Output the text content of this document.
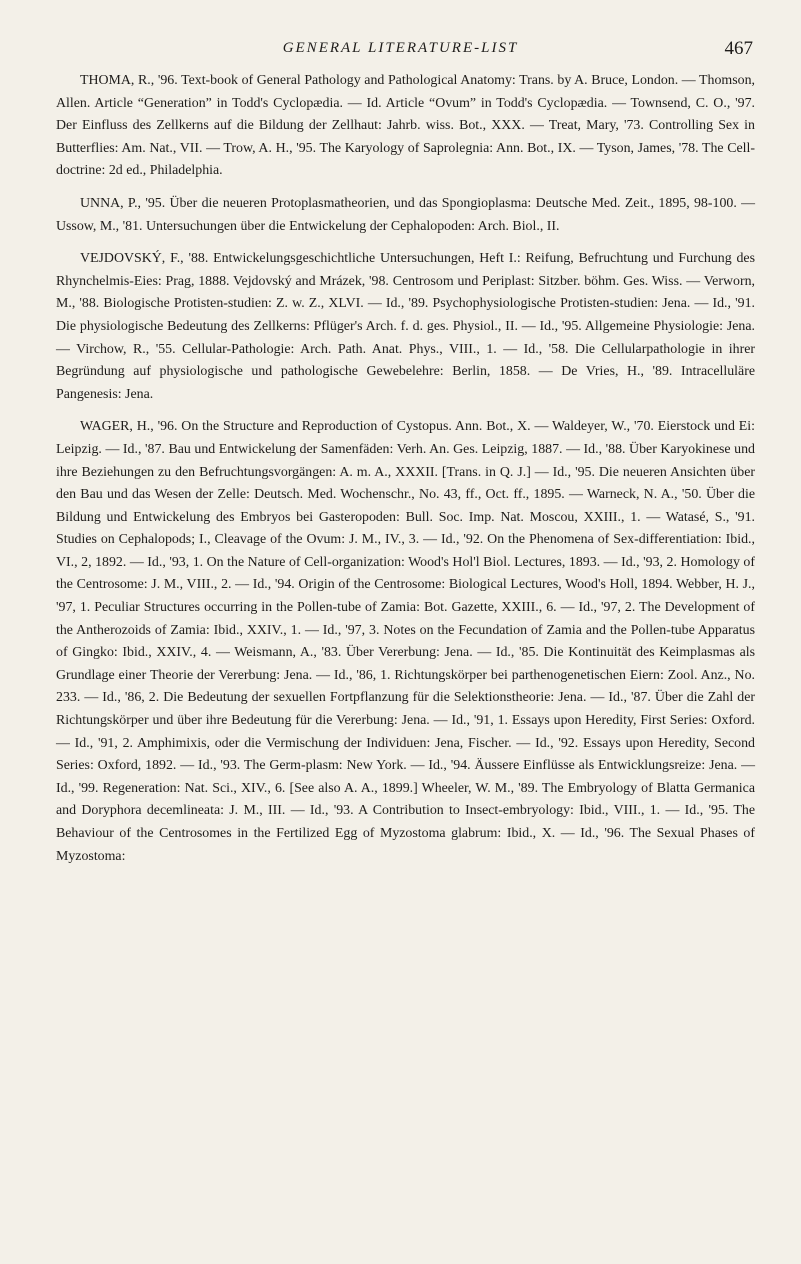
GENERAL LITERATURE-LIST	467

THOMA, R., '96. Text-book of General Pathology and Pathological Anatomy: Trans. by A. Bruce, London. — Thomson, Allen. Article “Generation” in Todd's Cyclopædia. — Id. Article “Ovum” in Todd's Cyclopædia. — Townsend, C. O., '97. Der Einfluss des Zellkerns auf die Bildung der Zellhaut: Jahrb. wiss. Bot., XXX. — Treat, Mary, '73. Controlling Sex in Butterflies: Am. Nat., VII. — Trow, A. H., '95. The Karyology of Saprolegnia: Ann. Bot., IX. — Tyson, James, '78. The Cell-doctrine: 2d ed., Philadelphia.

UNNA, P., '95. Über die neueren Protoplasmatheorien, und das Spongioplasma: Deutsche Med. Zeit., 1895, 98-100. — Ussow, M., '81. Untersuchungen über die Entwickelung der Cephalopoden: Arch. Biol., II.

VEJDOVSKÝ, F., '88. Entwickelungsgeschichtliche Untersuchungen, Heft I.: Reifung, Befruchtung und Furchung des Rhynchelmis-Eies: Prag, 1888. Vejdovský and Mrázek, '98. Centrosom und Periplast: Sitzber. böhm. Ges. Wiss. — Verworn, M., '88. Biologische Protisten-studien: Z. w. Z., XLVI. — Id., '89. Psychophysiologische Protisten-studien: Jena. — Id., '91. Die physiologische Bedeutung des Zellkerns: Pflüger's Arch. f. d. ges. Physiol., II. — Id., '95. Allgemeine Physiologie: Jena. — Virchow, R., '55. Cellular-Pathologie: Arch. Path. Anat. Phys., VIII., 1. — Id., '58. Die Cellularpathologie in ihrer Begründung auf physiologische und pathologische Gewebelehre: Berlin, 1858. — De Vries, H., '89. Intracelluläre Pangenesis: Jena.

WAGER, H., '96. On the Structure and Reproduction of Cystopus. Ann. Bot., X. — Waldeyer, W., '70. Eierstock und Ei: Leipzig. — Id., '87. Bau und Entwickelung der Samenfäden: Verh. An. Ges. Leipzig, 1887. — Id., '88. Über Karyokinese und ihre Beziehungen zu den Befruchtungsvorgängen: A. m. A., XXXII. [Trans. in Q. J.] — Id., '95. Die neueren Ansichten über den Bau und das Wesen der Zelle: Deutsch. Med. Wochenschr., No. 43, ff., Oct. ff., 1895. — Warneck, N. A., '50. Über die Bildung und Entwickelung des Embryos bei Gasteropoden: Bull. Soc. Imp. Nat. Moscou, XXIII., 1. — Watasé, S., '91. Studies on Cephalopods; I., Cleavage of the Ovum: J. M., IV., 3. — Id., '92. On the Phenomena of Sex-differentiation: Ibid., VI., 2, 1892. — Id., '93, 1. On the Nature of Cell-organization: Wood's Hol'l Biol. Lectures, 1893. — Id., '93, 2. Homology of the Centrosome: J. M., VIII., 2. — Id., '94. Origin of the Centrosome: Biological Lectures, Wood's Holl, 1894. Webber, H. J., '97, 1. Peculiar Structures occurring in the Pollen-tube of Zamia: Bot. Gazette, XXIII., 6. — Id., '97, 2. The Development of the Antherozoids of Zamia: Ibid., XXIV., 1. — Id., '97, 3. Notes on the Fecundation of Zamia and the Pollen-tube Apparatus of Gingko: Ibid., XXIV., 4. — Weismann, A., '83. Über Vererbung: Jena. — Id., '85. Die Kontinuität des Keimplasmas als Grundlage einer Theorie der Vererbung: Jena. — Id., '86, 1. Richtungskörper bei parthenogenetischen Eiern: Zool. Anz., No. 233. — Id., '86, 2. Die Bedeutung der sexuellen Fortpflanzung für die Selektionstheorie: Jena. — Id., '87. Über die Zahl der Richtungskörper und über ihre Bedeutung für die Vererbung: Jena. — Id., '91, 1. Essays upon Heredity, First Series: Oxford. — Id., '91, 2. Amphimixis, oder die Vermischung der Individuen: Jena, Fischer. — Id., '92. Essays upon Heredity, Second Series: Oxford, 1892. — Id., '93. The Germ-plasm: New York. — Id., '94. Äussere Einflüsse als Entwicklungsreize: Jena. — Id., '99. Regeneration: Nat. Sci., XIV., 6. [See also A. A., 1899.] Wheeler, W. M., '89. The Embryology of Blatta Germanica and Doryphora decemlineata: J. M., III. — Id., '93. A Contribution to Insect-embryology: Ibid., VIII., 1. — Id., '95. The Behaviour of the Centrosomes in the Fertilized Egg of Myzostoma glabrum: Ibid., X. — Id., '96. The Sexual Phases of Myzostoma:
